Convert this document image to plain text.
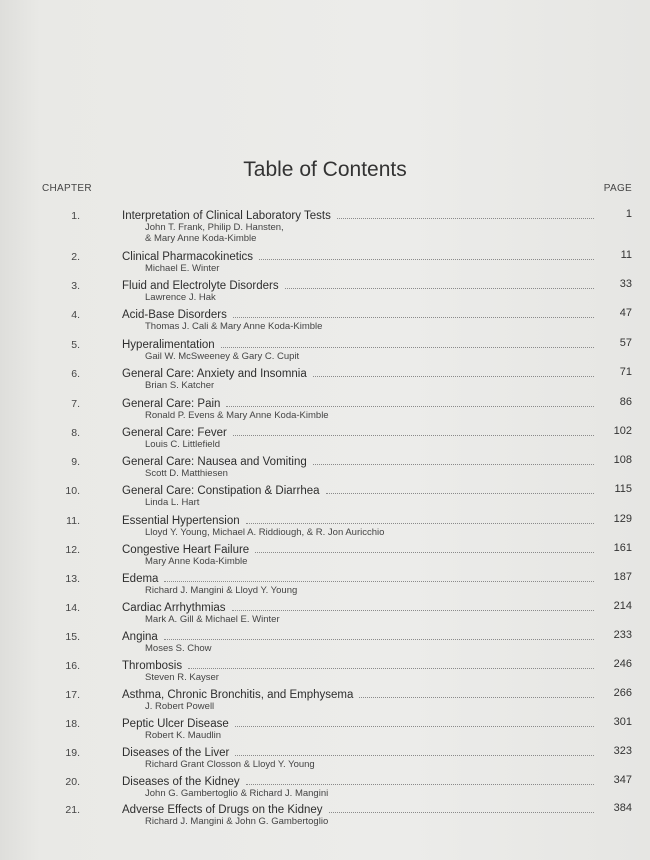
Table of Contents
CHAPTER	PAGE
1.	Interpretation of Clinical Laboratory Tests	1
John T. Frank, Philip D. Hansten,
& Mary Anne Koda-Kimble
2.	Clinical Pharmacokinetics	11
Michael E. Winter
3.	Fluid and Electrolyte Disorders	33
Lawrence J. Hak
4.	Acid-Base Disorders	47
Thomas J. Cali & Mary Anne Koda-Kimble
5.	Hyperalimentation	57
Gail W. McSweeney & Gary C. Cupit
6.	General Care: Anxiety and Insomnia	71
Brian S. Katcher
7.	General Care: Pain	86
Ronald P. Evens & Mary Anne Koda-Kimble
8.	General Care: Fever	102
Louis C. Littlefield
9.	General Care: Nausea and Vomiting	108
Scott D. Matthiesen
10.	General Care: Constipation & Diarrhea	115
Linda L. Hart
11.	Essential Hypertension	129
Lloyd Y. Young, Michael A. Riddiough, & R. Jon Auricchio
12.	Congestive Heart Failure	161
Mary Anne Koda-Kimble
13.	Edema	187
Richard J. Mangini & Lloyd Y. Young
14.	Cardiac Arrhythmias	214
Mark A. Gill & Michael E. Winter
15.	Angina	233
Moses S. Chow
16.	Thrombosis	246
Steven R. Kayser
17.	Asthma, Chronic Bronchitis, and Emphysema	266
J. Robert Powell
18.	Peptic Ulcer Disease	301
Robert K. Maudlin
19.	Diseases of the Liver	323
Richard Grant Closson & Lloyd Y. Young
20.	Diseases of the Kidney	347
John G. Gambertoglio & Richard J. Mangini
21.	Adverse Effects of Drugs on the Kidney	384
Richard J. Mangini & John G. Gambertoglio
